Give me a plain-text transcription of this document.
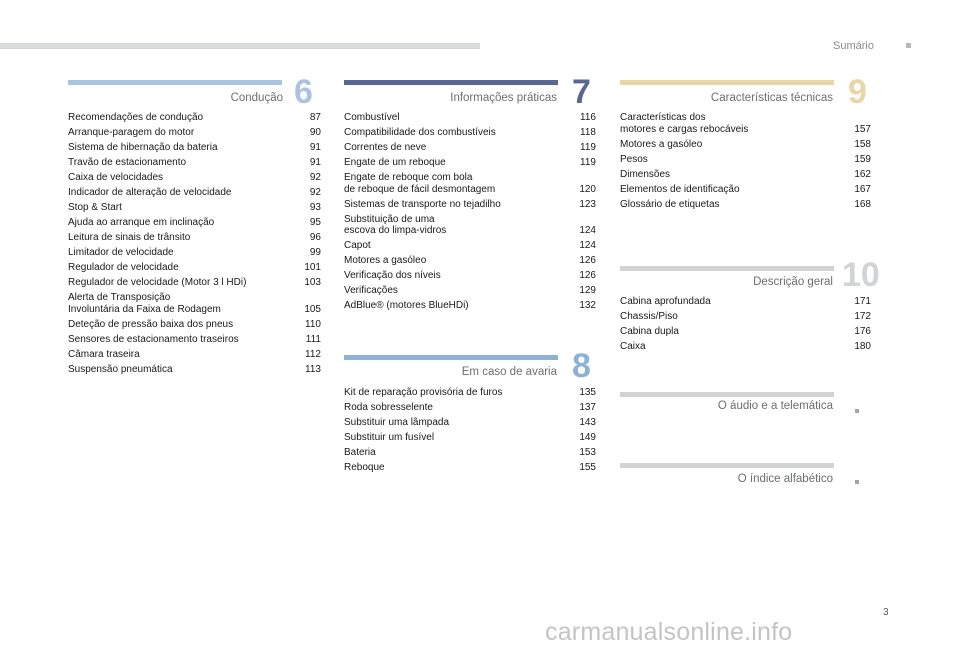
Sumário
Condução 6
Recomendações de condução	87
Arranque-paragem do motor	90
Sistema de hibernação da bateria	91
Travão de estacionamento	91
Caixa de velocidades	92
Indicador de alteração de velocidade	92
Stop & Start	93
Ajuda ao arranque em inclinação	95
Leitura de sinais de trânsito	96
Limitador de velocidade	99
Regulador de velocidade	101
Regulador de velocidade (Motor 3 l HDi)	103
Alerta de Transposição
Involuntária da Faixa de Rodagem	105
Deteção de pressão baixa dos pneus	110
Sensores de estacionamento traseiros	111
Câmara traseira	112
Suspensão pneumática	113
Informações práticas 7
Combustível	116
Compatibilidade dos combustíveis	118
Correntes de neve	119
Engate de um reboque	119
Engate de reboque com bola
de reboque de fácil desmontagem	120
Sistemas de transporte no tejadilho	123
Substituição de uma
escova do limpa-vidros	124
Capot	124
Motores a gasóleo	126
Verificação dos níveis	126
Verificações	129
AdBlue® (motores BlueHDi)	132
Em caso de avaria 8
Kit de reparação provisória de furos	135
Roda sobresselente	137
Substituir uma lâmpada	143
Substituir um fusível	149
Bateria	153
Reboque	155
Características técnicas 9
Características dos
motores e cargas rebocáveis	157
Motores a gasóleo	158
Pesos	159
Dimensões	162
Elementos de identificação	167
Glossário de etiquetas	168
Descrição geral 10
Cabina aprofundada	171
Chassis/Piso	172
Cabina dupla	176
Caixa	180
O áudio e a telemática
O índice alfabético
3
carmanualsonline.info
